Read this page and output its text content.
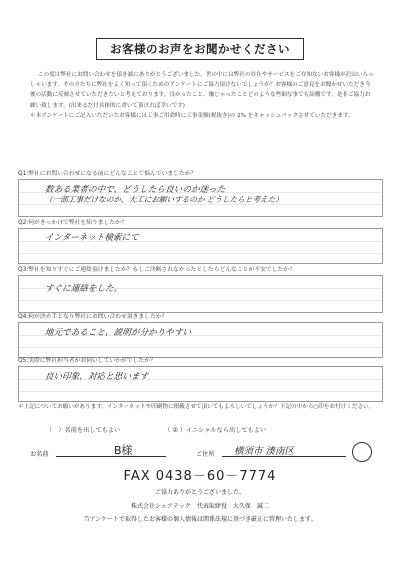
お客様のお声をお聞かせください

この度は弊社にお問い合わせを頂き誠にありがとうございました。世の中には弊社の存在やサービスをご存知ないお客様が沢山いらっしゃいます。その方たちに弊社をよく知って頂くためのアンケートにご協力頂けないでしょうか？お客様のご意見をお聞かせいただき今後の活動に反映させていただきたいと考えております。良かったこと、嫌じゃったことどのような些細な事でも結構です。是非ご協力お願い致します。(出来るだけ具体的に書いて頂ければ幸いです)

＊本アンケートにご記入いただいたお客様には工事ご用命時に工事金額(税抜き)の 2% をキャッシュバックさせていただきます。

Q1:弊社にお問い合わせになる前にどんなことで悩んでいましたか？
数ある業者の中で、どうしたら良いのか迷った
（一部工事だけなのか、大工にお願いするのか どうしたらと考えた）
Q2:何がきっかけで弊社を知りましたか？
インターネット検索にて
Q3:弊社を知りすぐにご連絡頂けましたか？もしご決断されなかったとしたらどんなことが不安でしたか？
すぐに連絡をした。
Q4:何が決め手となり弊社にお問い合わせ頂きましたか？
地元であること、説明が分かりやすい
Q5:実際に弊社担当者がお伺いしていかがでしたか？
良い印象、対応と思います
＊上記についてお願いがあります。インターネットや印刷物に掲載させて頂いてもよろしいでしょうか？下記の中から○印をお付けください。
（　）名前を出してもよい	（ ② ）イニシャルなら出してもよい
お名前	B様	ご住所 横須市 湊南区
FAX 0438－60－7774
ご協力ありがとうございました。
株式会社シェアテック　代表取締役　大久保　誠二
当アンケートで取得したお客様の個人情報は関係法規に基づき厳正に管理いたします。
